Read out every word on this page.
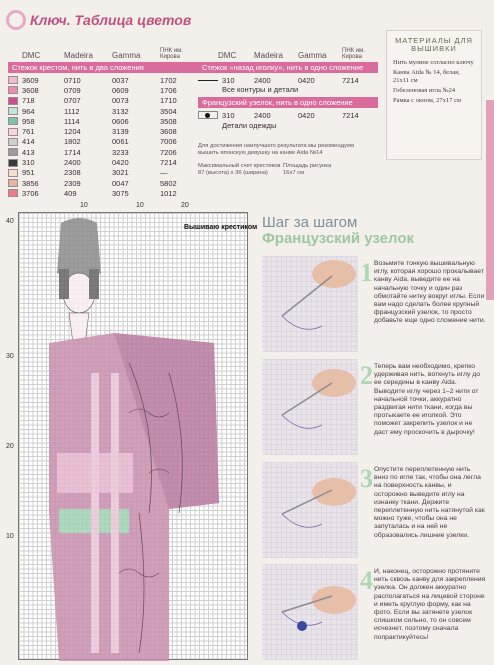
Ключ. Таблица цветов
DMC	Madeira	Gamma	ПНК им. Кирова
Стежок крестом, нить в два сложения
3609	0710	0037	1702
3608	0709	0609	1706
718	0707	0073	1710
964	1112	3132	3504
958	1114	0606	3508
761	1204	3139	3608
414	1802	0061	7006
413	1714	3233	7206
310	2400	0420	7214
951	2308	3021	—
3856	2309	0047	5802
3706	409	3075	1012
DMC	Madeira	Gamma	ПНК им. Кирова
Стежок «назад иголку», нить в одно сложение
310	2400	0420	7214
Все контуры и детали
Французский узелок, нить в одно сложение
310	2400	0420	7214
Детали одежды
Для достижения наилучшего результата мы рекомендуем вышить японскую девушку на канве Aida №14
Максимальный счет крестиков
87 (высота) х 36 (ширина)
Площадь рисунка
16х7 см
МАТЕРИАЛЫ ДЛЯ ВЫШИВКИ
Нить мулине согласно ключу
Канва Aida № 14, белая, 21х11 см
Гобеленовая игла №24
Рамка с окном, 27х17 см
10	10	20
40
30
20
10
Вышиваю крестиком Шаг за шагом
Французский узелок
1 Возьмите тонкую вышивальную иглу, которая хорошо прокалывает канву Aida, выведите ее на начальную точку и один раз обмотайте нитку вокруг иглы. Если вам надо сделать более крупный французский узелок, то просто добавьте еще одно сложение нити.
2 Теперь вам необходимо, крепко удерживая нить, воткнуть иглу до ее середины в канву Aida. Выводите иглу через 1–2 нити от начальной точки, аккуратно раздвигая нити ткани, когда вы протыкаете ее иголкой. Это поможет закрепить узелок и не даст ему проскочить в дырочку!
3 Опустите переплетенную нить вниз по игле так, чтобы она легла на поверхность канвы, и осторожно выведите иглу на изнанку ткани. Держите переплетенную нить натянутой как можно туже, чтобы она не запуталась и на ней не образовались лишние узелки.
4 И, наконец, осторожно протяните нить сквозь канву для закрепления узелка. Он должен аккуратно располагаться на лицевой стороне и иметь круглую форму, как на фото. Если вы затянете узелок слишком сильно, то он совсем исчезнет, поэтому сначала попрактикуйтесь!
